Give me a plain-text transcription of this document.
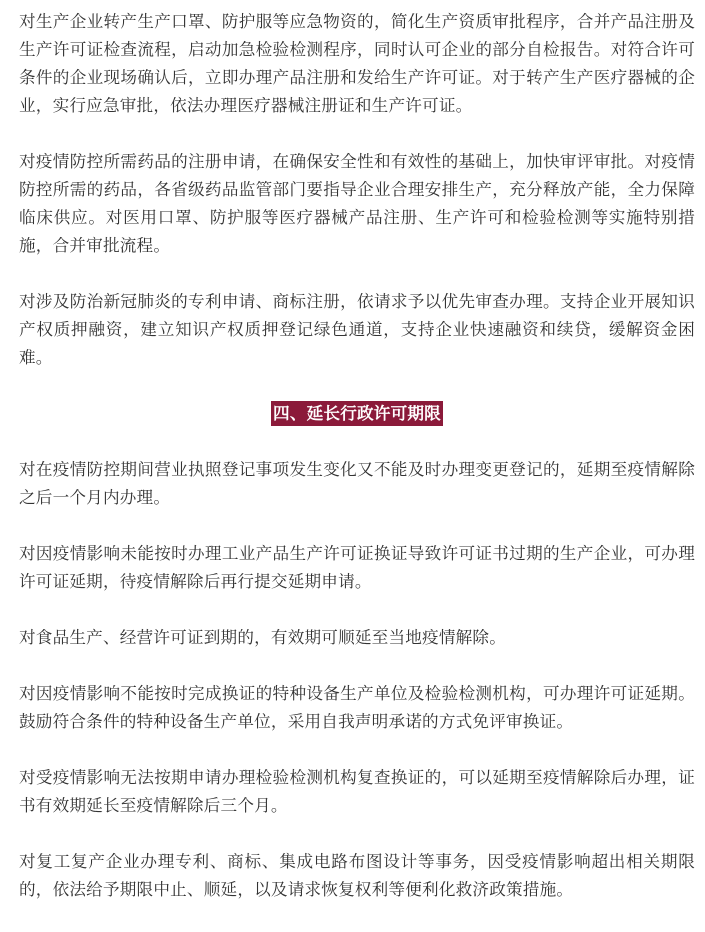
对生产企业转产生产口罩、防护服等应急物资的，简化生产资质审批程序，合并产品注册及生产许可证检查流程，启动加急检验检测程序，同时认可企业的部分自检报告。对符合许可条件的企业现场确认后，立即办理产品注册和发给生产许可证。对于转产生产医疗器械的企业，实行应急审批，依法办理医疗器械注册证和生产许可证。

对疫情防控所需药品的注册申请，在确保安全性和有效性的基础上，加快审评审批。对疫情防控所需的药品，各省级药品监管部门要指导企业合理安排生产，充分释放产能，全力保障临床供应。对医用口罩、防护服等医疗器械产品注册、生产许可和检验检测等实施特别措施，合并审批流程。

对涉及防治新冠肺炎的专利申请、商标注册，依请求予以优先审查办理。支持企业开展知识产权质押融资，建立知识产权质押登记绿色通道，支持企业快速融资和续贷，缓解资金困难。

四、延长行政许可期限

对在疫情防控期间营业执照登记事项发生变化又不能及时办理变更登记的，延期至疫情解除之后一个月内办理。

对因疫情影响未能按时办理工业产品生产许可证换证导致许可证书过期的生产企业，可办理许可证延期，待疫情解除后再行提交延期申请。

对食品生产、经营许可证到期的，有效期可顺延至当地疫情解除。

对因疫情影响不能按时完成换证的特种设备生产单位及检验检测机构，可办理许可证延期。鼓励符合条件的特种设备生产单位，采用自我声明承诺的方式免评审换证。

对受疫情影响无法按期申请办理检验检测机构复查换证的，可以延期至疫情解除后办理，证书有效期延长至疫情解除后三个月。

对复工复产企业办理专利、商标、集成电路布图设计等事务，因受疫情影响超出相关期限的，依法给予期限中止、顺延，以及请求恢复权利等便利化救济政策措施。
